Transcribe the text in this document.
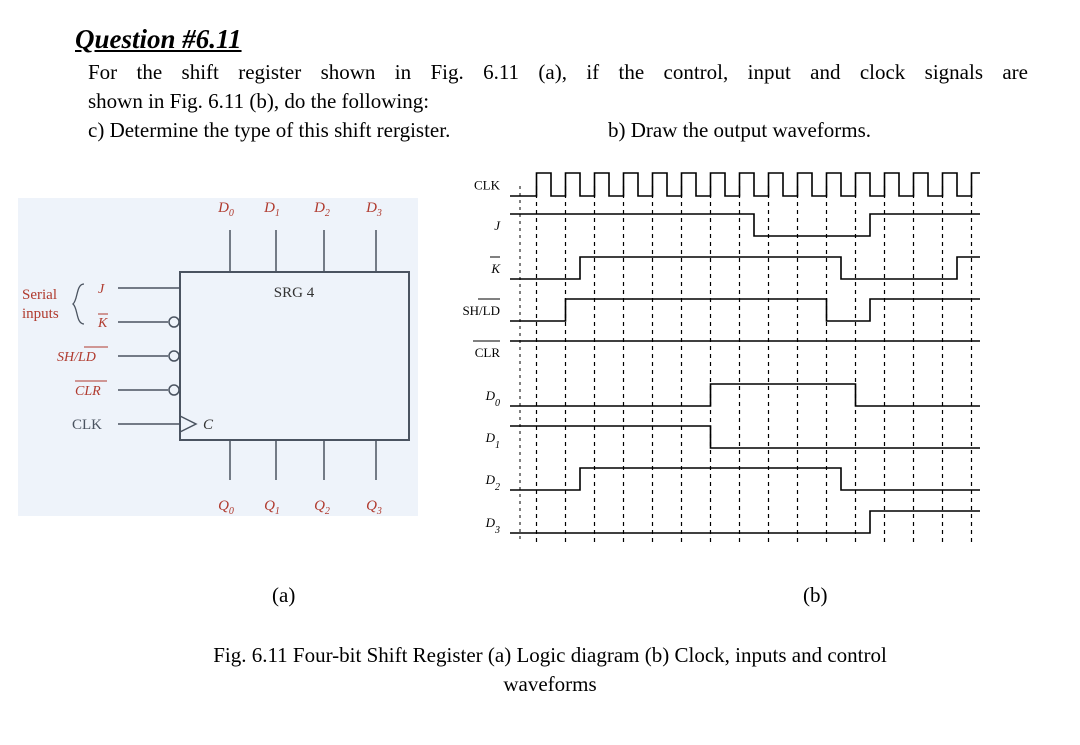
Question #6.11
For the shift register shown in Fig. 6.11 (a), if the control, input and clock signals are
shown in Fig. 6.11 (b), do the following:
c) Determine the type of this shift rergister.	b) Draw the output waveforms.
SRG 4
C
$D_0$ $D_1$ $D_2$ $D_3$
$Q_0$ $Q_1$ $Q_2$ $Q_3$
Serial
inputs
J
K
SH/LD
CLR
CLK
CLK
J
K
SH/LD
CLR
$D_0$
$D_1$
$D_2$
$D_3$
(a)	(b)
Fig. 6.11 Four-bit Shift Register (a) Logic diagram (b) Clock, inputs and control
waveforms
